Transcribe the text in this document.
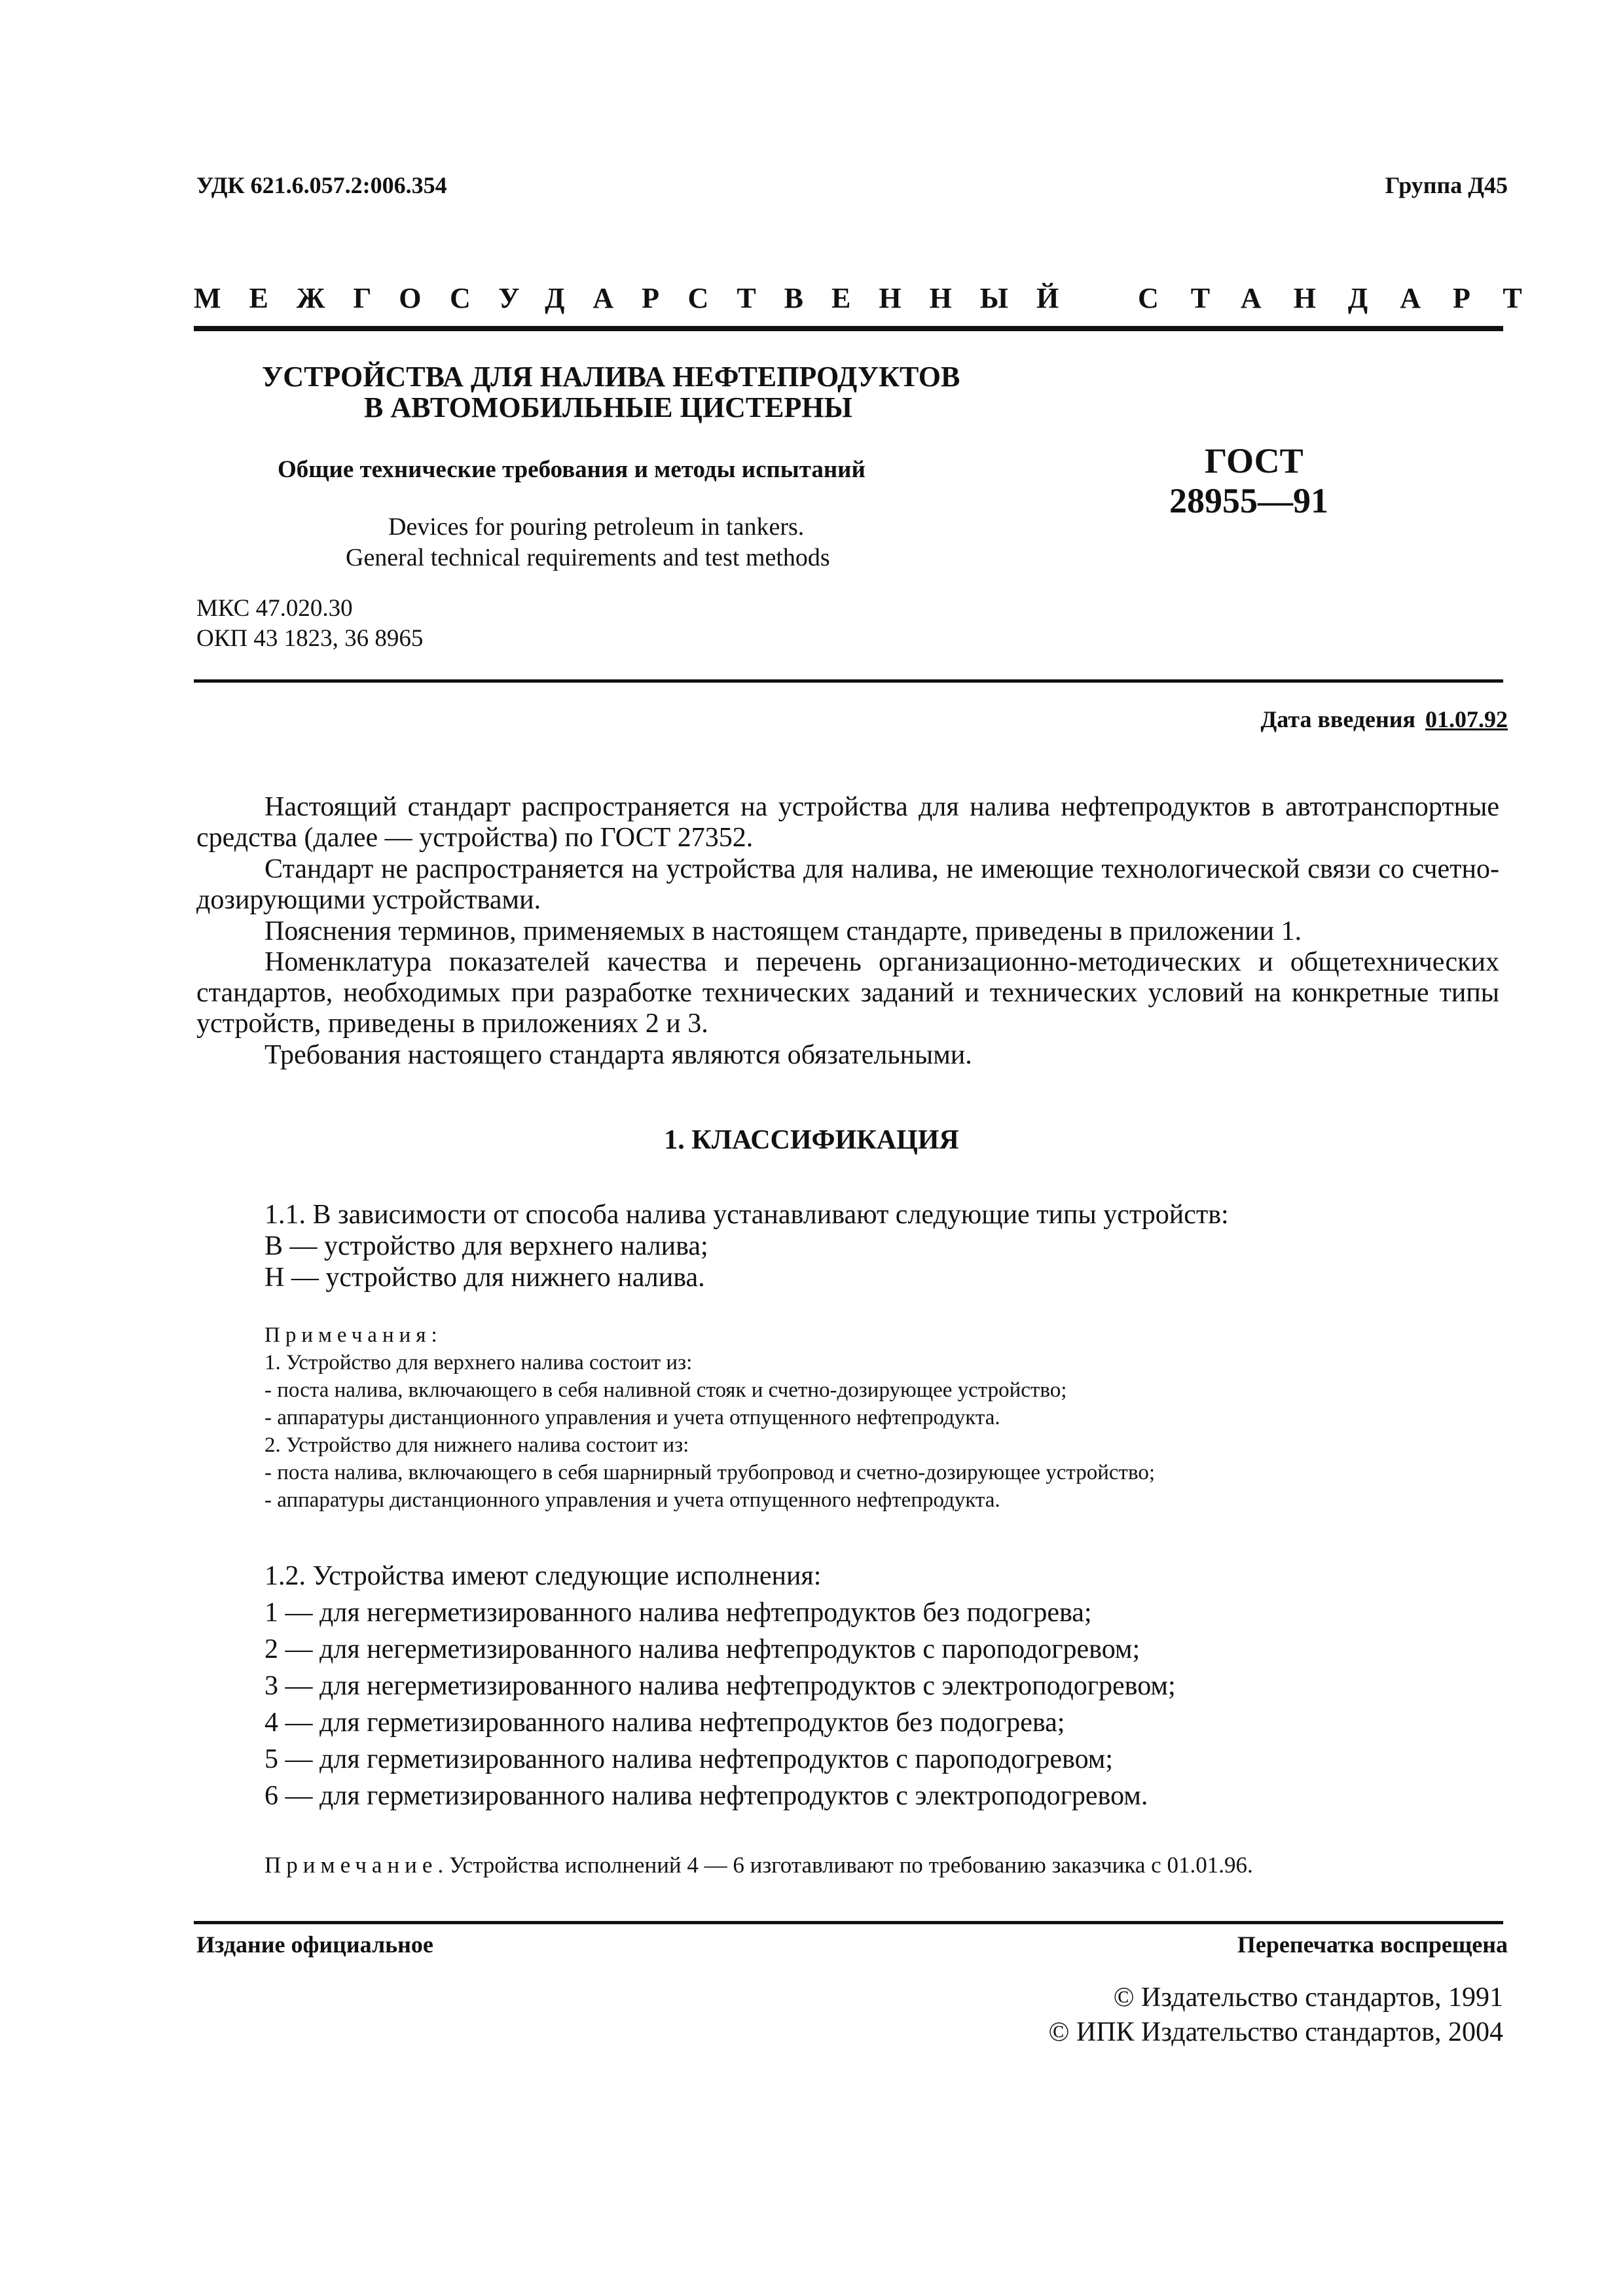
УДК 621.6.057.2:006.354	Группа Д45
МЕЖГОСУДАРСТВЕННЫЙ СТАНДАРТ
УСТРОЙСТВА ДЛЯ НАЛИВА НЕФТЕПРОДУКТОВ
В АВТОМОБИЛЬНЫЕ ЦИСТЕРНЫ
Общие технические требования и методы испытаний
Devices for pouring petroleum in tankers.
General technical requirements and test methods
ГОСТ
28955—91
МКС 47.020.30
ОКП 43 1823, 36 8965
Дата введения 01.07.92

Настоящий стандарт распространяется на устройства для налива нефтепродуктов в автотранспортные средства (далее — устройства) по ГОСТ 27352.

Стандарт не распространяется на устройства для налива, не имеющие технологической связи со счетно-дозирующими устройствами.

Пояснения терминов, применяемых в настоящем стандарте, приведены в приложении 1.

Номенклатура показателей качества и перечень организационно-методических и общетехнических стандартов, необходимых при разработке технических заданий и технических условий на конкретные типы устройств, приведены в приложениях 2 и 3.

Требования настоящего стандарта являются обязательными.

1. КЛАССИФИКАЦИЯ
1.1. В зависимости от способа налива устанавливают следующие типы устройств:
В — устройство для верхнего налива;
Н — устройство для нижнего налива.
Примечания:
1. Устройство для верхнего налива состоит из:
- поста налива, включающего в себя наливной стояк и счетно-дозирующее устройство;
- аппаратуры дистанционного управления и учета отпущенного нефтепродукта.
2. Устройство для нижнего налива состоит из:
- поста налива, включающего в себя шарнирный трубопровод и счетно-дозирующее устройство;
- аппаратуры дистанционного управления и учета отпущенного нефтепродукта.
1.2. Устройства имеют следующие исполнения:
1 — для негерметизированного налива нефтепродуктов без подогрева;
2 — для негерметизированного налива нефтепродуктов с пароподогревом;
3 — для негерметизированного налива нефтепродуктов с электроподогревом;
4 — для герметизированного налива нефтепродуктов без подогрева;
5 — для герметизированного налива нефтепродуктов с пароподогревом;
6 — для герметизированного налива нефтепродуктов с электроподогревом.
Примечание. Устройства исполнений 4 — 6 изготавливают по требованию заказчика с 01.01.96.
Издание официальное	Перепечатка воспрещена
© Издательство стандартов, 1991
© ИПК Издательство стандартов, 2004
